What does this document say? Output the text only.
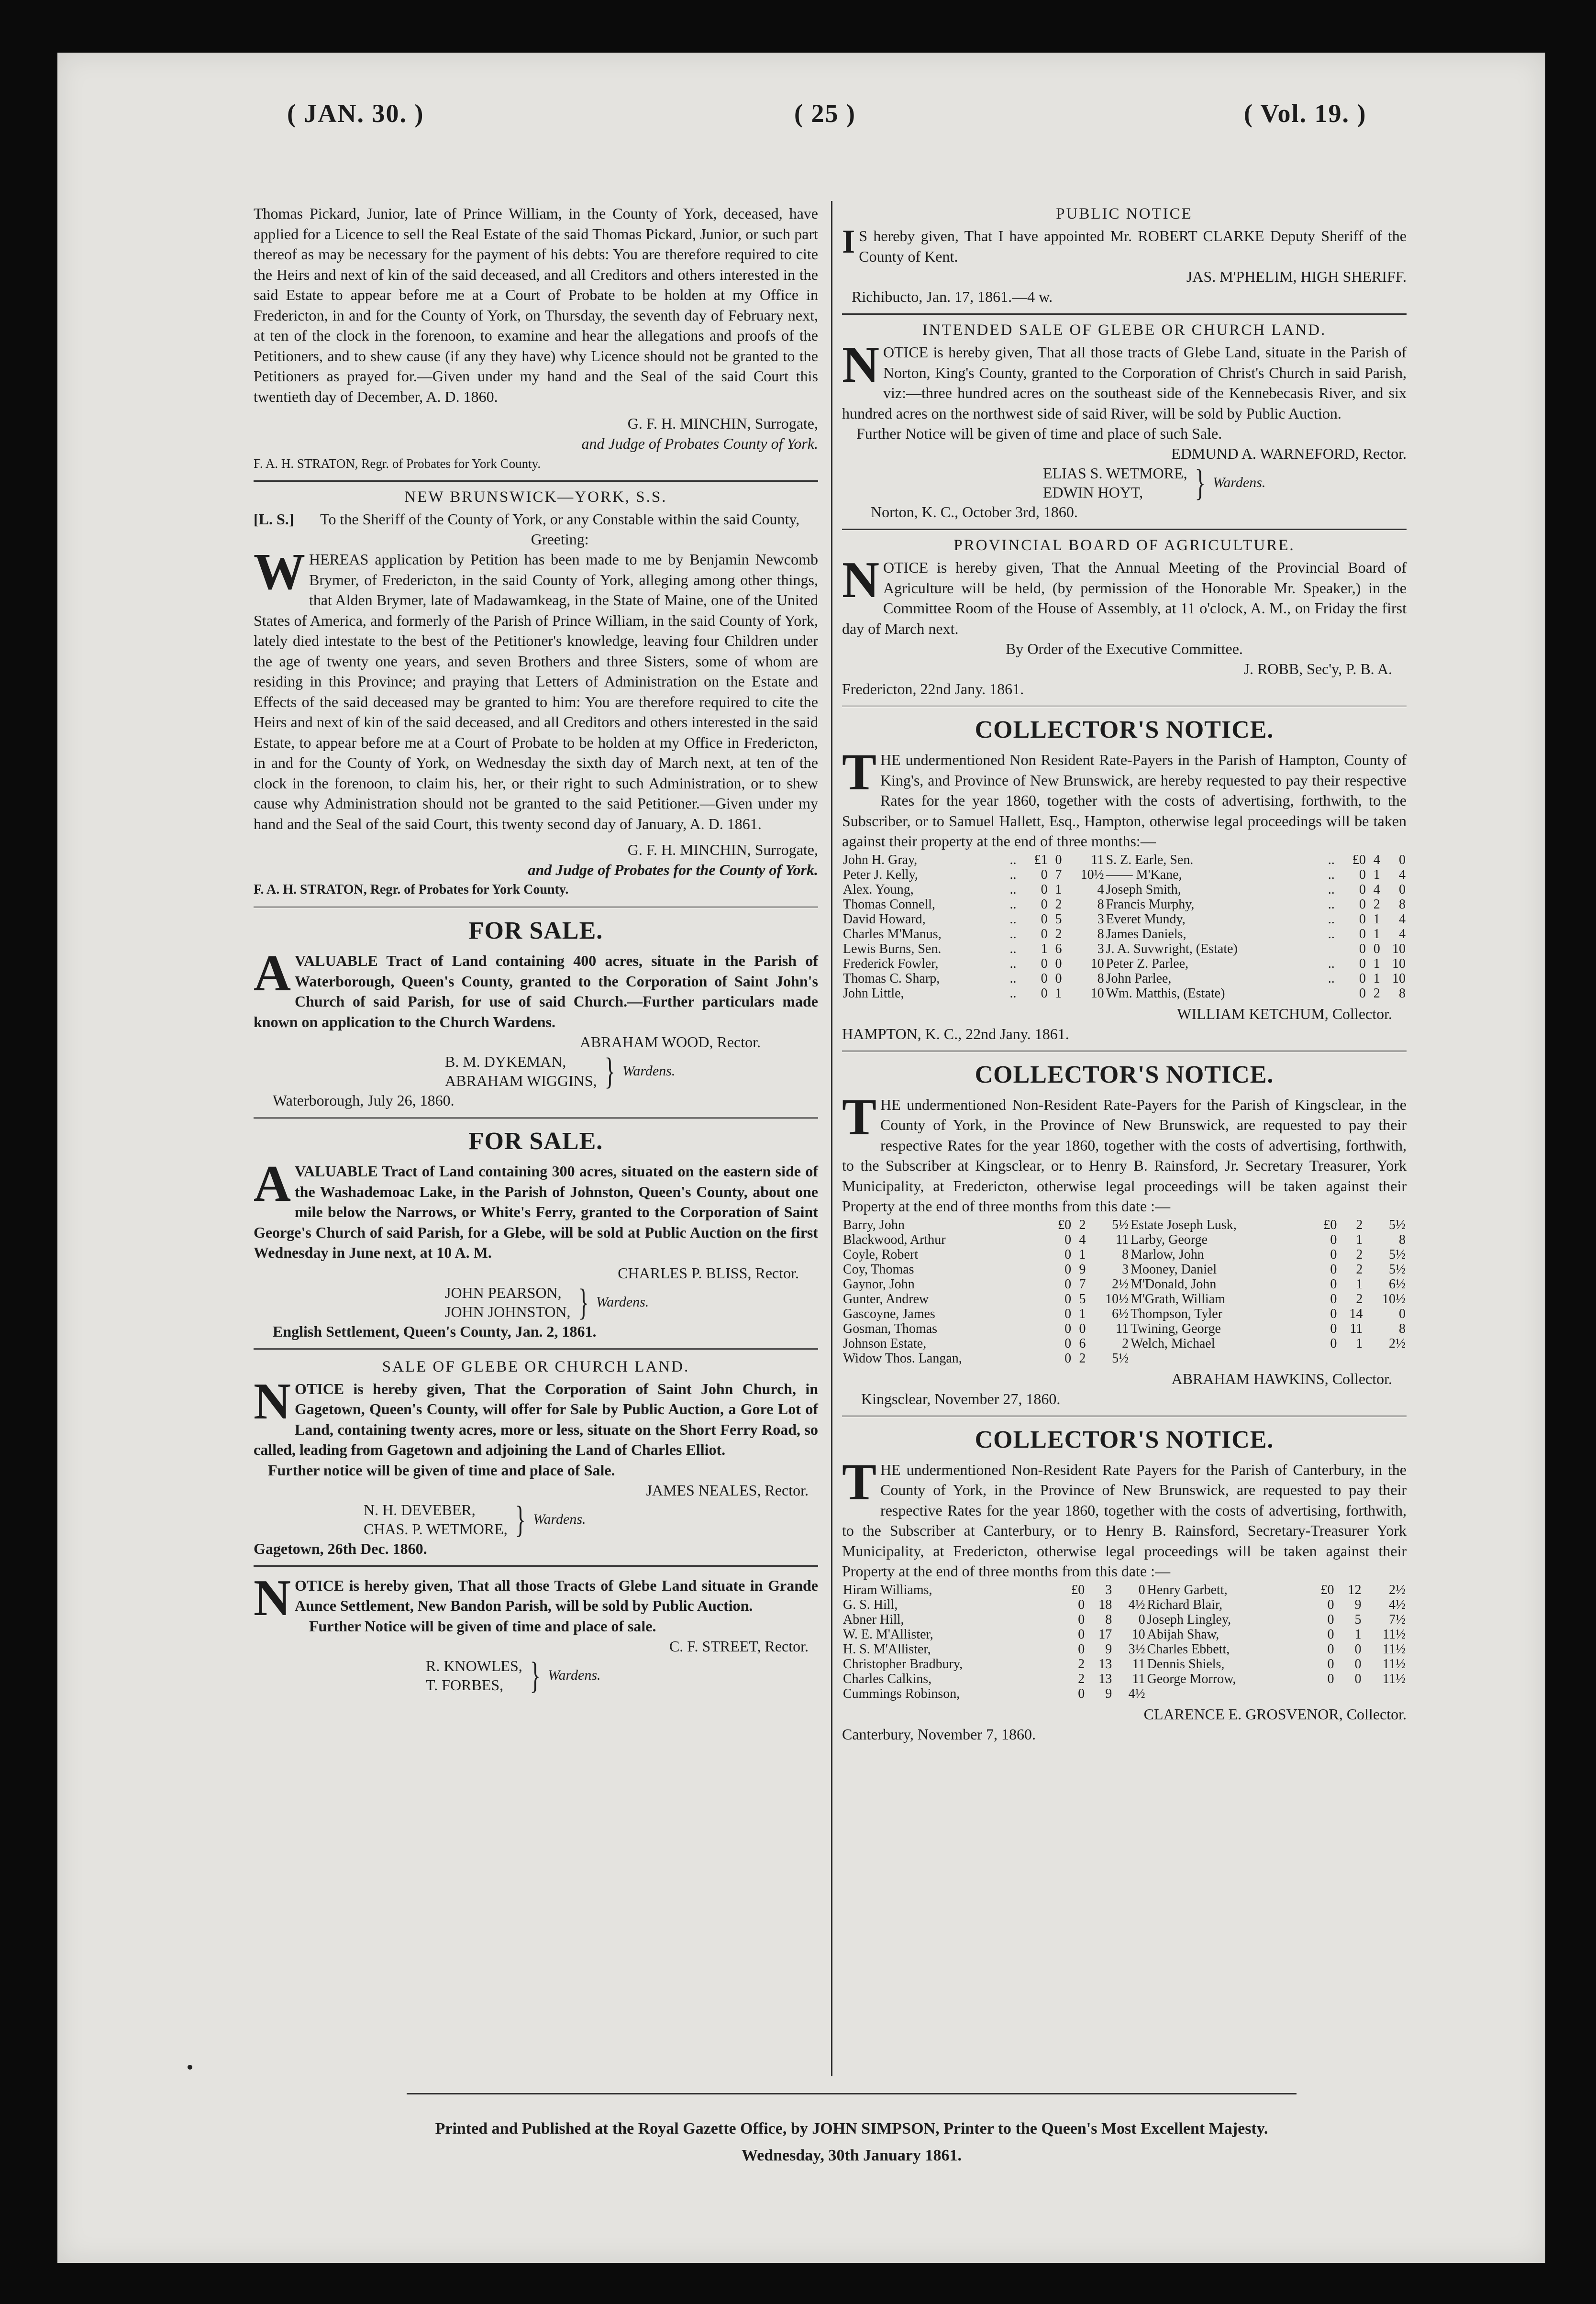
( JAN. 30. )	( 25 )	( Vol. 19. )

Thomas Pickard, Junior, late of Prince William, in the County of York, deceased, have applied for a Licence to sell the Real Estate of the said Thomas Pickard, Junior, or such part thereof as may be necessary for the payment of his debts: You are therefore required to cite the Heirs and next of kin of the said deceased, and all Creditors and others interested in the said Estate to appear before me at a Court of Probate to be holden at my Office in Fredericton, in and for the County of York, on Thursday, the seventh day of February next, at ten of the clock in the forenoon, to examine and hear the allegations and proofs of the Petitioners, and to shew cause (if any they have) why Licence should not be granted to the Petitioners as prayed for.—Given under my hand and the Seal of the said Court this twentieth day of December, A. D. 1860.

G. F. H. MINCHIN, Surrogate,

and Judge of Probates County of York.

F. A. H. STRATON, Regr. of Probates for York County.

NEW BRUNSWICK—YORK, S.S.

[L. S.]	To the Sheriff of the County of York, or any Constable within the said County, Greeting:

WHEREAS application by Petition has been made to me by Benjamin Newcomb Brymer, of Fredericton, in the said County of York, alleging among other things, that Alden Brymer, late of Madawamkeag, in the State of Maine, one of the United States of America, and formerly of the Parish of Prince William, in the said County of York, lately died intestate to the best of the Petitioner's knowledge, leaving four Children under the age of twenty one years, and seven Brothers and three Sisters, some of whom are residing in this Province; and praying that Letters of Administration on the Estate and Effects of the said deceased may be granted to him: You are therefore required to cite the Heirs and next of kin of the said deceased, and all Creditors and others interested in the said Estate, to appear before me at a Court of Probate to be holden at my Office in Fredericton, in and for the County of York, on Wednesday the sixth day of March next, at ten of the clock in the forenoon, to claim his, her, or their right to such Administration, or to shew cause why Administration should not be granted to the said Petitioner.—Given under my hand and the Seal of the said Court, this twenty second day of January, A. D. 1861.

G. F. H. MINCHIN, Surrogate,

and Judge of Probates for the County of York.

F. A. H. STRATON, Regr. of Probates for York County.

FOR SALE.

AVALUABLE Tract of Land containing 400 acres, situate in the Parish of Waterborough, Queen's County, granted to the Corporation of Saint John's Church of said Parish, for use of said Church.—Further particulars made known on application to the Church Wardens.

ABRAHAM WOOD, Rector.

B. M. DYKEMAN,
ABRAHAM WIGGINS, } Wardens.

Waterborough, July 26, 1860.

FOR SALE.

AVALUABLE Tract of Land containing 300 acres, situated on the eastern side of the Washademoac Lake, in the Parish of Johnston, Queen's County, about one mile below the Narrows, or White's Ferry, granted to the Corporation of Saint George's Church of said Parish, for a Glebe, will be sold at Public Auction on the first Wednesday in June next, at 10 A. M.

CHARLES P. BLISS, Rector.

JOHN PEARSON,
JOHN JOHNSTON, } Wardens.

English Settlement, Queen's County, Jan. 2, 1861.

SALE OF GLEBE OR CHURCH LAND.

NOTICE is hereby given, That the Corporation of Saint John Church, in Gagetown, Queen's County, will offer for Sale by Public Auction, a Gore Lot of Land, containing twenty acres, more or less, situate on the Short Ferry Road, so called, leading from Gagetown and adjoining the Land of Charles Elliot.

Further notice will be given of time and place of Sale.

JAMES NEALES, Rector.

N. H. DEVEBER,
CHAS. P. WETMORE, } Wardens.

Gagetown, 26th Dec. 1860.

NOTICE is hereby given, That all those Tracts of Glebe Land situate in Grande Aunce Settlement, New Bandon Parish, will be sold by Public Auction.

Further Notice will be given of time and place of sale.

C. F. STREET, Rector.

R. KNOWLES,
T. FORBES, } Wardens.
PUBLIC NOTICE

I S hereby given, That I have appointed Mr. ROBERT CLARKE Deputy Sheriff of the County of Kent.

JAS. M'PHELIM, HIGH SHERIFF.

Richibucto, Jan. 17, 1861.—4 w.

INTENDED SALE OF GLEBE OR CHURCH LAND.

NOTICE is hereby given, That all those tracts of Glebe Land, situate in the Parish of Norton, King's County, granted to the Corporation of Christ's Church in said Parish, viz:—three hundred acres on the southeast side of the Kennebecasis River, and six hundred acres on the northwest side of said River, will be sold by Public Auction.

Further Notice will be given of time and place of such Sale.

EDMUND A. WARNEFORD, Rector.

ELIAS S. WETMORE,
EDWIN HOYT,	} Wardens.

Norton, K. C., October 3rd, 1860.

PROVINCIAL BOARD OF AGRICULTURE.

NOTICE is hereby given, That the Annual Meeting of the Provincial Board of Agriculture will be held, (by permission of the Honorable Mr. Speaker,) in the Committee Room of the House of Assembly, at 11 o'clock, A. M., on Friday the first day of March next.

By Order of the Executive Committee.

J. ROBB, Sec'y, P. B. A.

Fredericton, 22nd Jany. 1861.

COLLECTOR'S NOTICE.

THE undermentioned Non Resident Rate-Payers in the Parish of Hampton, County of King's, and Province of New Brunswick, are hereby requested to pay their respective Rates for the year 1860, together with the costs of advertising, forthwith, to the Subscriber, or to Samuel Hallett, Esq., Hampton, otherwise legal proceedings will be taken against their property at the end of three months:—

John H. Gray,	..	£1	0	11	S. Z. Earle, Sen.	..	£0	4	0
Peter J. Kelly,	..	0	7	10½	—— M'Kane,	..	0	1	4
Alex. Young,	..	0	1	4	Joseph Smith,	..	0	4	0
Thomas Connell,	..	0	2	8	Francis Murphy,	..	0	2	8
David Howard,	..	0	5	3	Everet Mundy,	..	0	1	4
Charles M'Manus,	..	0	2	8	James Daniels,	..	0	1	4
Lewis Burns, Sen.	..	1	6	3	J. A. Suvwright, (Estate)		0	0	10
Frederick Fowler,	..	0	0	10	Peter Z. Parlee,	..	0	1	10
Thomas C. Sharp,	..	0	0	8	John Parlee,	..	0	1	10
John Little,	..	0	1	10	Wm. Matthis, (Estate)		0	2	8

WILLIAM KETCHUM, Collector.

HAMPTON, K. C., 22nd Jany. 1861.

COLLECTOR'S NOTICE.

THE undermentioned Non-Resident Rate-Payers for the Parish of Kingsclear, in the County of York, in the Province of New Brunswick, are requested to pay their respective Rates for the year 1860, together with the costs of advertising, forthwith, to the Subscriber at Kingsclear, or to Henry B. Rainsford, Jr. Secretary Treasurer, York Municipality, at Fredericton, otherwise legal proceedings will be taken against their Property at the end of three months from this date :—

Barry, John	£0	2	5½	Estate Joseph Lusk,	£0	2	5½
Blackwood, Arthur	0	4	11	Larby, George	0	1	8
Coyle, Robert	0	1	8	Marlow, John	0	2	5½
Coy, Thomas	0	9	3	Mooney, Daniel	0	2	5½
Gaynor, John	0	7	2½	M'Donald, John	0	1	6½
Gunter, Andrew	0	5	10½	M'Grath, William	0	2	10½
Gascoyne, James	0	1	6½	Thompson, Tyler	0	14	0
Gosman, Thomas	0	0	11	Twining, George	0	11	8
Johnson Estate,	0	6	2	Welch, Michael	0	1	2½
Widow Thos. Langan,	0	2	5½				

ABRAHAM HAWKINS, Collector.

Kingsclear, November 27, 1860.

COLLECTOR'S NOTICE.

THE undermentioned Non-Resident Rate Payers for the Parish of Canterbury, in the County of York, in the Province of New Brunswick, are requested to pay their respective Rates for the year 1860, together with the costs of advertising, forthwith, to the Subscriber at Canterbury, or to Henry B. Rainsford, Secretary-Treasurer York Municipality, at Fredericton, otherwise legal proceedings will be taken against their Property at the end of three months from this date :—

Hiram Williams,	£0	3	0	Henry Garbett,	£0	12	2½
G. S. Hill,	0	18	4½	Richard Blair,	0	9	4½
Abner Hill,	0	8	0	Joseph Lingley,	0	5	7½
W. E. M'Allister,	0	17	10	Abijah Shaw,	0	1	11½
H. S. M'Allister,	0	9	3½	Charles Ebbett,	0	0	11½
Christopher Bradbury,	2	13	11	Dennis Shiels,	0	0	11½
Charles Calkins,	2	13	11	George Morrow,	0	0	11½
Cummings Robinson,	0	9	4½				

CLARENCE E. GROSVENOR, Collector.

Canterbury, November 7, 1860.

Printed and Published at the Royal Gazette Office, by JOHN SIMPSON, Printer to the Queen's Most Excellent Majesty.
Wednesday, 30th January 1861.
